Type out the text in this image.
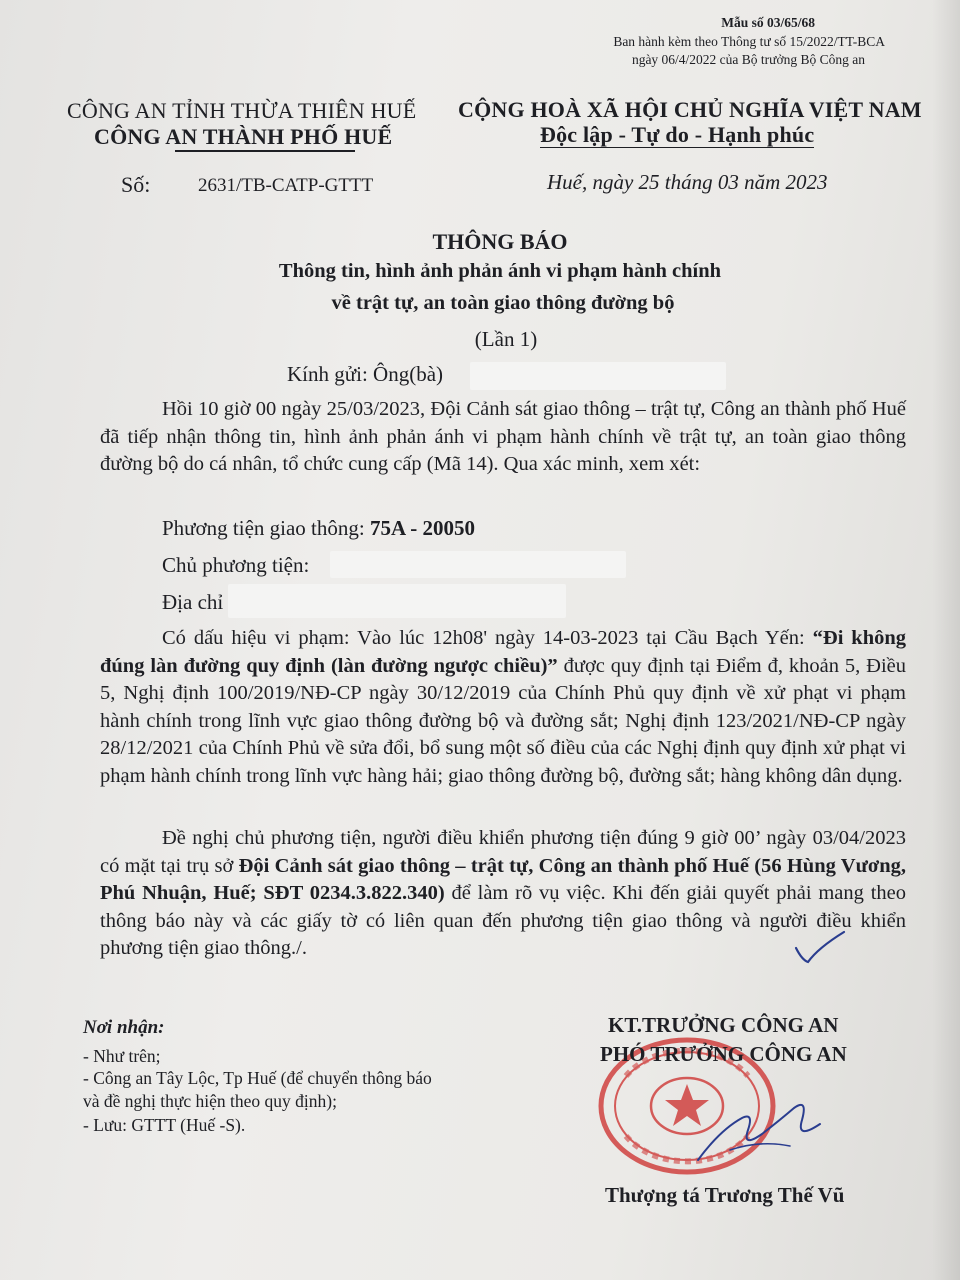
Mẫu số 03/65/68
Ban hành kèm theo Thông tư số 15/2022/TT-BCA
ngày 06/4/2022 của Bộ trưởng Bộ Công an
CÔNG AN TỈNH THỪA THIÊN HUẾ
CÔNG AN THÀNH PHỐ HUẾ
Số:	2631/TB-CATP-GTTT
CỘNG HOÀ XÃ HỘI CHỦ NGHĨA VIỆT NAM
Độc lập - Tự do - Hạnh phúc
Huế, ngày 25 tháng 03 năm 2023
THÔNG BÁO
Thông tin, hình ảnh phản ánh vi phạm hành chính
về trật tự, an toàn giao thông đường bộ
(Lần 1)
Kính gửi: Ông(bà)

Hồi 10 giờ 00 ngày 25/03/2023, Đội Cảnh sát giao thông – trật tự, Công an thành phố Huế đã tiếp nhận thông tin, hình ảnh phản ánh vi phạm hành chính về trật tự, an toàn giao thông đường bộ do cá nhân, tổ chức cung cấp (Mã 14). Qua xác minh, xem xét:

Phương tiện giao thông: 75A - 20050
Chủ phương tiện:
Địa chỉ

Có dấu hiệu vi phạm: Vào lúc 12h08' ngày 14-03-2023 tại Cầu Bạch Yến: “Đi không đúng làn đường quy định (làn đường ngược chiều)” được quy định tại Điểm đ, khoản 5, Điều 5, Nghị định 100/2019/NĐ-CP ngày 30/12/2019 của Chính Phủ quy định về xử phạt vi phạm hành chính trong lĩnh vực giao thông đường bộ và đường sắt; Nghị định 123/2021/NĐ-CP ngày 28/12/2021 của Chính Phủ về sửa đổi, bổ sung một số điều của các Nghị định quy định xử phạt vi phạm hành chính trong lĩnh vực hàng hải; giao thông đường bộ, đường sắt; hàng không dân dụng.

Đề nghị chủ phương tiện, người điều khiển phương tiện đúng 9 giờ 00’ ngày 03/04/2023 có mặt tại trụ sở Đội Cảnh sát giao thông – trật tự, Công an thành phố Huế (56 Hùng Vương, Phú Nhuận, Huế; SĐT 0234.3.822.340) để làm rõ vụ việc. Khi đến giải quyết phải mang theo thông báo này và các giấy tờ có liên quan đến phương tiện giao thông và người điều khiển phương tiện giao thông./.

Nơi nhận:
- Như trên;
- Công an Tây Lộc, Tp Huế (để chuyển thông báo
và đề nghị thực hiện theo quy định);
- Lưu: GTTT (Huế -S).
KT.TRƯỞNG CÔNG AN
PHÓ TRƯỞNG CÔNG AN
Thượng tá Trương Thế Vũ
